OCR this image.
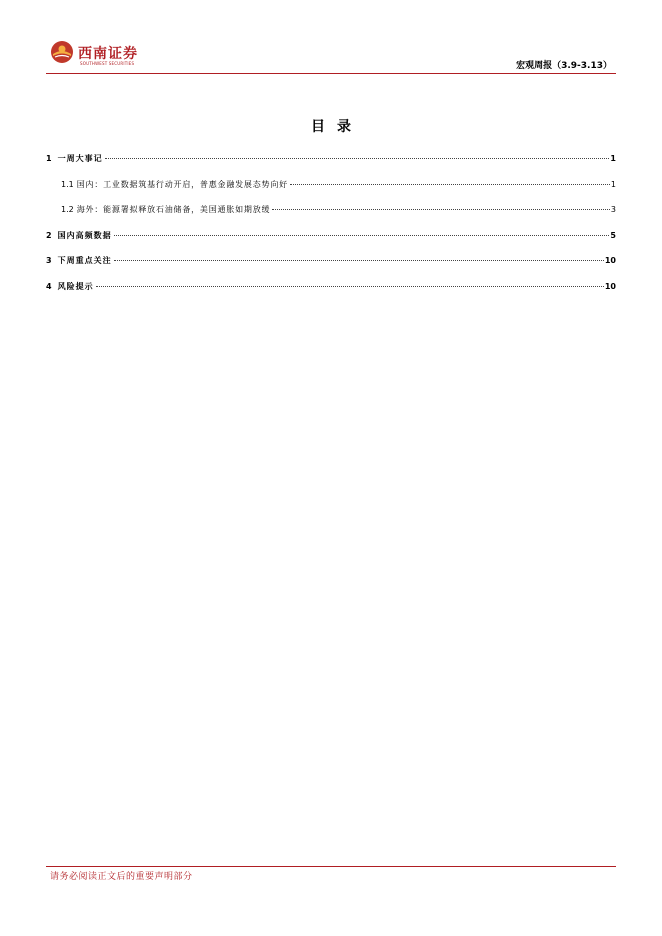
西南证券
SOUTHWEST SECURITIES	宏观周报（3.9-3.13）
目录
1 一周大事记	1
1.1 国内：工业数据筑基行动开启，普惠金融发展态势向好	1
1.2 海外：能源署拟释放石油储备，美国通胀如期放缓	3
2 国内高频数据	5
3 下周重点关注	10
4 风险提示	10
请务必阅读正文后的重要声明部分
